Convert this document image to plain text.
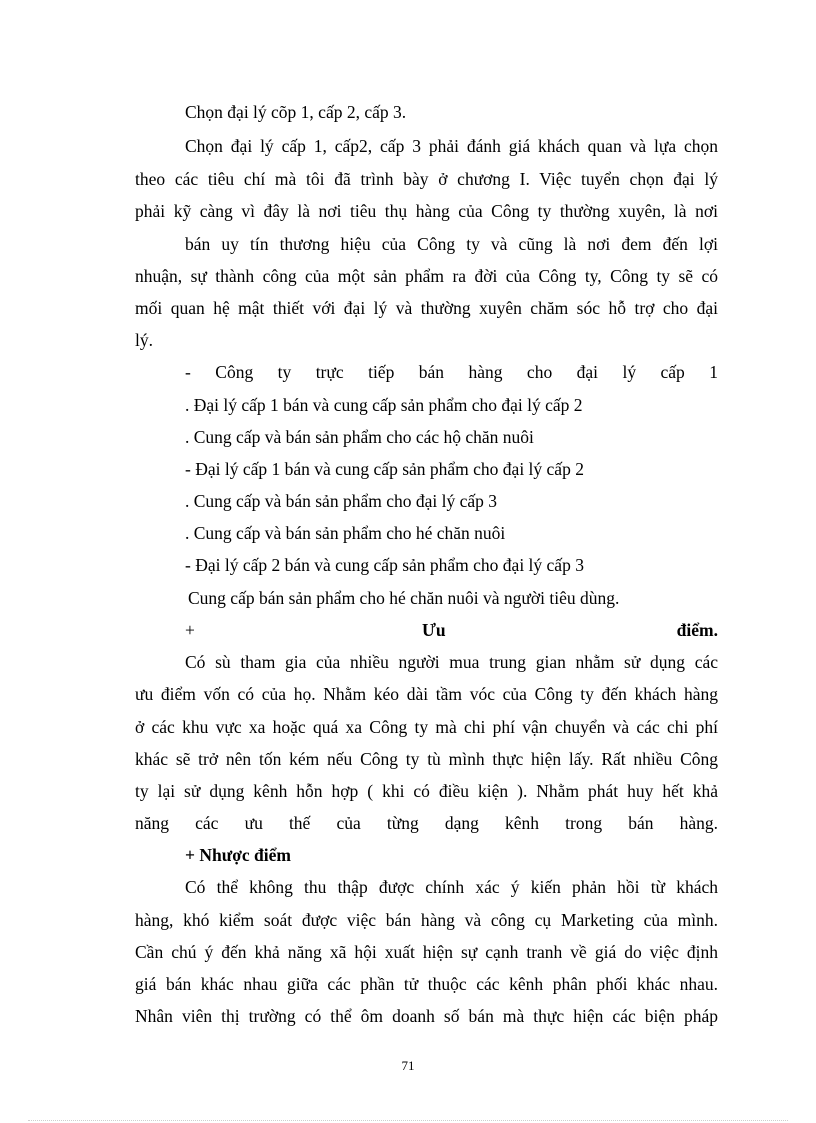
Chọn đại lý cõp 1, cấp 2, cấp 3.
Chọn đại lý cấp 1, cấp2, cấp 3 phải đánh giá khách quan và lựa chọn
theo các tiêu chí mà tôi đã trình bày ở chương I. Việc tuyển chọn đại lý
phải kỹ càng vì đây là nơi tiêu thụ hàng của Công ty thường xuyên, là nơi
bán uy tín thương hiệu của Công ty và cũng là nơi đem đến lợi
nhuận, sự thành công của một sản phẩm ra đời của Công ty, Công ty sẽ có
mối quan hệ mật thiết với đại lý và thường xuyên chăm sóc hỗ trợ cho đại
lý.
- Công ty trực tiếp bán hàng cho đại lý cấp 1
. Đại lý cấp 1 bán và cung cấp sản phẩm cho đại lý cấp 2
. Cung cấp và bán sản phẩm cho các hộ chăn nuôi
- Đại lý cấp 1 bán và cung cấp sản phẩm cho đại lý cấp 2
. Cung cấp và bán sản phẩm cho đại lý cấp 3
. Cung cấp và bán sản phẩm cho hé chăn nuôi
- Đại lý cấp 2 bán và cung cấp sản phẩm cho đại lý cấp 3
Cung cấp bán sản phẩm cho hé chăn nuôi và người tiêu dùng.
+	Ưu	điểm.
Có sù tham gia của nhiều người mua trung gian nhằm sử dụng các
ưu điểm vốn có của họ. Nhằm kéo dài tầm vóc của Công ty đến khách hàng
ở các khu vực xa hoặc quá xa Công ty mà chi phí vận chuyển và các chi phí
khác sẽ trở nên tốn kém nếu Công ty tù mình thực hiện lấy. Rất nhiều Công
ty lại sử dụng kênh hỗn hợp ( khi có điều kiện ). Nhằm phát huy hết khả
năng các ưu thế của từng dạng kênh trong bán hàng.
+ Nhược điểm
Có thể không thu thập được chính xác ý kiến phản hồi từ khách
hàng, khó kiểm soát được việc bán hàng và công cụ Marketing của mình.
Cần chú ý đến khả năng xã hội xuất hiện sự cạnh tranh về giá do việc định
giá bán khác nhau giữa các phần tử thuộc các kênh phân phối khác nhau.
Nhân viên thị trường có thể ôm doanh số bán mà thực hiện các biện pháp
71
